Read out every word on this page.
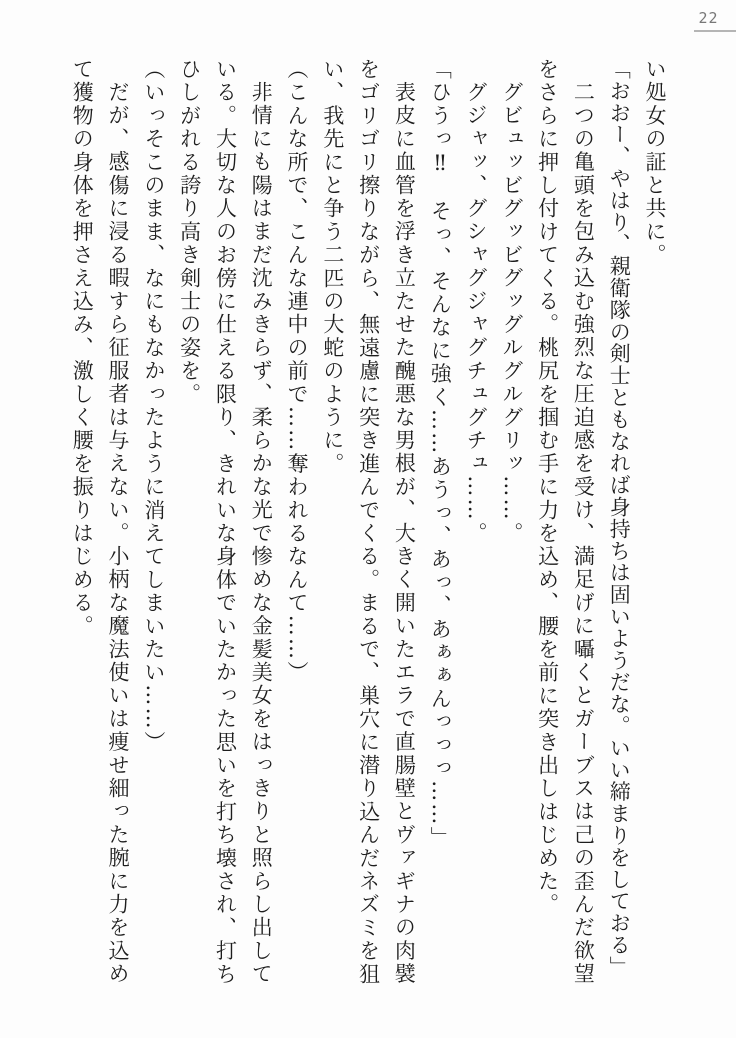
22

い処女の証と共に。

「おおー、やはり、親衛隊の剣士ともなれば身持ちは固いようだな。いい締まりをしておる」

二つの亀頭を包み込む強烈な圧迫感を受け、満足げに囁くとガーブスは己の歪んだ欲望

をさらに押し付けてくる。桃尻を掴む手に力を込め、腰を前に突き出しはじめた。

グビュッビグッビグッグルグルグリッ……。

グジャッ、グシャグジャグチュグチュ……。

「ひうっ‼　そっ、そんなに強く……あうっ、あっ、あぁぁんっっっ……」

表皮に血管を浮き立たせた醜悪な男根が、大きく開いたエラで直腸壁とヴァギナの肉襞

をゴリゴリ擦りながら、無遠慮に突き進んでくる。まるで、巣穴に潜り込んだネズミを狙

い、我先にと争う二匹の大蛇のように。

（こんな所で、こんな連中の前で……奪われるなんて……）

非情にも陽はまだ沈みきらず、柔らかな光で惨めな金髪美女をはっきりと照らし出して

いる。大切な人のお傍に仕える限り、きれいな身体でいたかった思いを打ち壊され、打ち

ひしがれる誇り高き剣士の姿を。

（いっそこのまま、なにもなかったように消えてしまいたい……）

だが、感傷に浸る暇すら征服者は与えない。小柄な魔法使いは痩せ細った腕に力を込め

て獲物の身体を押さえ込み、激しく腰を振りはじめる。
